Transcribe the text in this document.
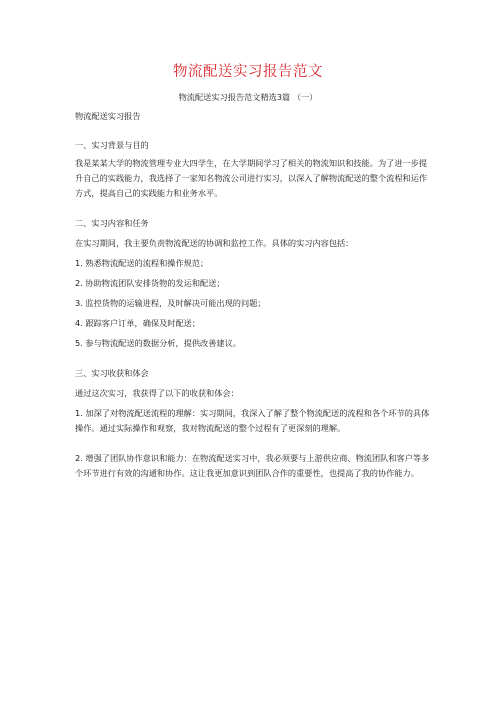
物流配送实习报告范文
物流配送实习报告范文精选3篇 （一）

物流配送实习报告

一、实习背景与目的

我是某某大学的物流管理专业大四学生，在大学期间学习了相关的物流知识和技能。为了进一步提升自己的实践能力，我选择了一家知名物流公司进行实习，以深入了解物流配送的整个流程和运作方式，提高自己的实践能力和业务水平。

二、实习内容和任务

在实习期间，我主要负责物流配送的协调和监控工作。具体的实习内容包括：

1. 熟悉物流配送的流程和操作规范；

2. 协助物流团队安排货物的发运和配送；

3. 监控货物的运输进程，及时解决可能出现的问题；

4. 跟踪客户订单，确保及时配送；

5. 参与物流配送的数据分析，提供改善建议。

三、实习收获和体会

通过这次实习，我获得了以下的收获和体会：

1. 加深了对物流配送流程的理解：实习期间，我深入了解了整个物流配送的流程和各个环节的具体操作。通过实际操作和观察，我对物流配送的整个过程有了更深刻的理解。

2. 增强了团队协作意识和能力：在物流配送实习中，我必须要与上游供应商、物流团队和客户等多个环节进行有效的沟通和协作。这让我更加意识到团队合作的重要性，也提高了我的协作能力。
